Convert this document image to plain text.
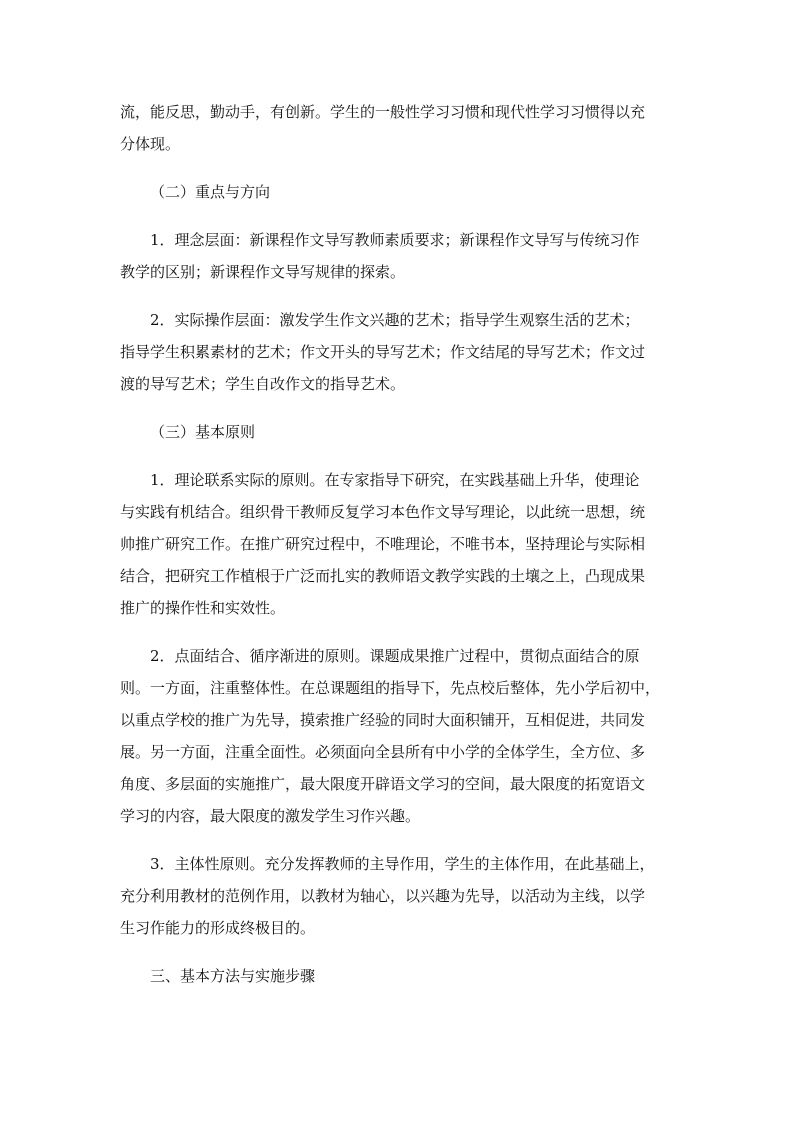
流，能反思，勤动手，有创新。学生的一般性学习习惯和现代性学习习惯得以充
分体现。

（二）重点与方向

1．理念层面：新课程作文导写教师素质要求；新课程作文导写与传统习作
教学的区别；新课程作文导写规律的探索。

2．实际操作层面：激发学生作文兴趣的艺术；指导学生观察生活的艺术；
指导学生积累素材的艺术；作文开头的导写艺术；作文结尾的导写艺术；作文过
渡的导写艺术；学生自改作文的指导艺术。

（三）基本原则

1．理论联系实际的原则。在专家指导下研究，在实践基础上升华，使理论
与实践有机结合。组织骨干教师反复学习本色作文导写理论，以此统一思想，统
帅推广研究工作。在推广研究过程中，不唯理论，不唯书本，坚持理论与实际相
结合，把研究工作植根于广泛而扎实的教师语文教学实践的土壤之上，凸现成果
推广的操作性和实效性。

2．点面结合、循序渐进的原则。课题成果推广过程中，贯彻点面结合的原
则。一方面，注重整体性。在总课题组的指导下，先点校后整体，先小学后初中，
以重点学校的推广为先导，摸索推广经验的同时大面积铺开，互相促进，共同发
展。另一方面，注重全面性。必须面向全县所有中小学的全体学生，全方位、多
角度、多层面的实施推广，最大限度开辟语文学习的空间，最大限度的拓宽语文
学习的内容，最大限度的激发学生习作兴趣。

3．主体性原则。充分发挥教师的主导作用，学生的主体作用，在此基础上，
充分利用教材的范例作用，以教材为轴心，以兴趣为先导，以活动为主线，以学
生习作能力的形成终极目的。

三、基本方法与实施步骤
